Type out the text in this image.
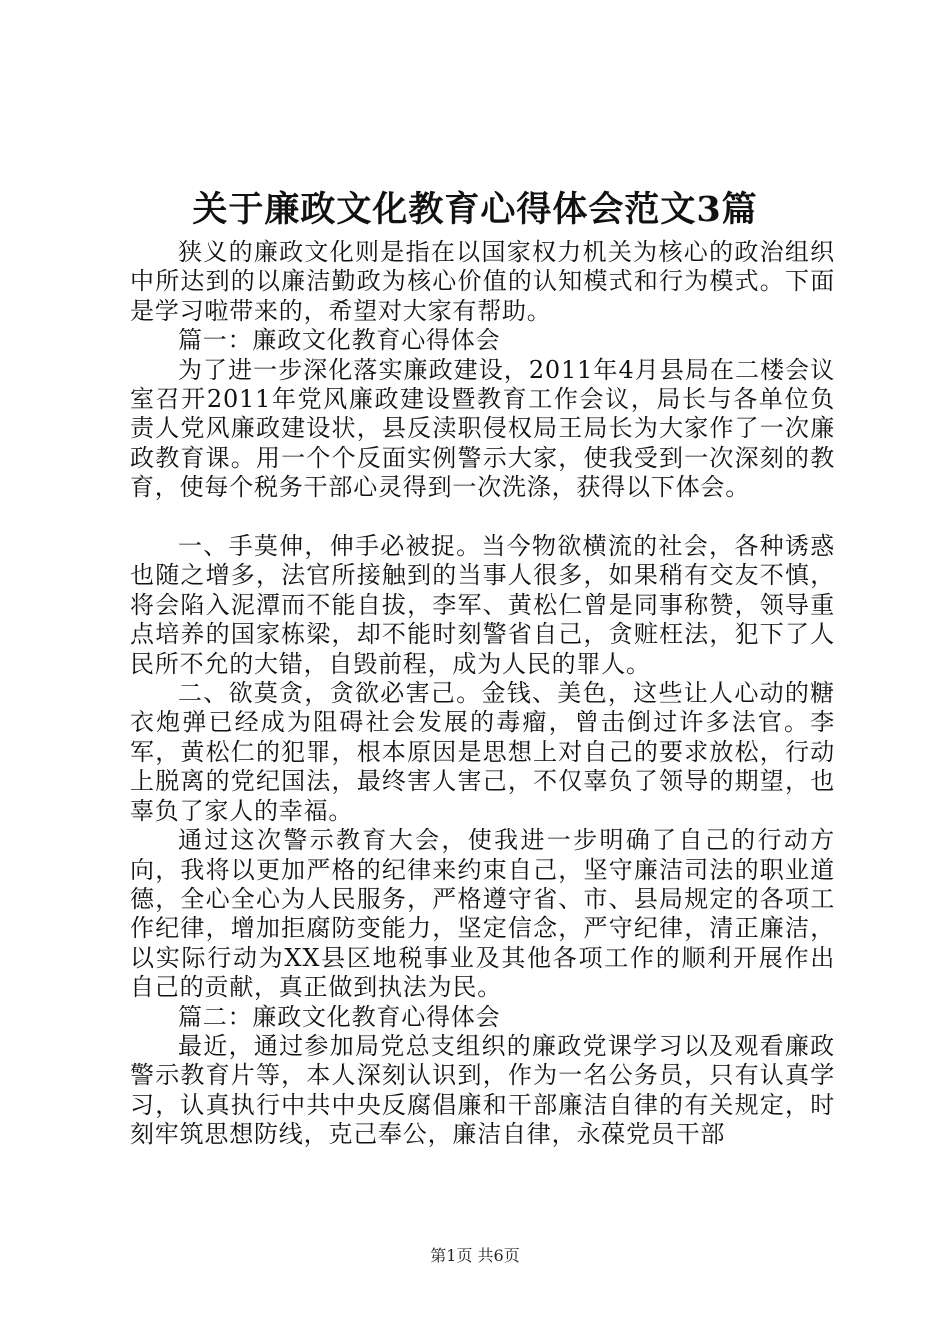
关于廉政文化教育心得体会范文3篇

狭义的廉政文化则是指在以国家权力机关为核心的政治组织中所达到的以廉洁勤政为核心价值的认知模式和行为模式。下面是学习啦带来的，希望对大家有帮助。

篇一：廉政文化教育心得体会

为了进一步深化落实廉政建设，2011年4月县局在二楼会议室召开2011年党风廉政建设暨教育工作会议，局长与各单位负责人党风廉政建设状，县反渎职侵权局王局长为大家作了一次廉政教育课。用一个个反面实例警示大家，使我受到一次深刻的教育，使每个税务干部心灵得到一次洗涤，获得以下体会。

一、手莫伸，伸手必被捉。当今物欲横流的社会，各种诱惑也随之增多，法官所接触到的当事人很多，如果稍有交友不慎，将会陷入泥潭而不能自拔，李军、黄松仁曾是同事称赞，领导重点培养的国家栋梁，却不能时刻警省自己，贪赃枉法，犯下了人民所不允的大错，自毁前程，成为人民的罪人。

二、欲莫贪，贪欲必害己。金钱、美色，这些让人心动的糖衣炮弹已经成为阻碍社会发展的毒瘤，曾击倒过许多法官。李军，黄松仁的犯罪，根本原因是思想上对自己的要求放松，行动上脱离的党纪国法，最终害人害己，不仅辜负了领导的期望，也辜负了家人的幸福。

通过这次警示教育大会，使我进一步明确了自己的行动方向，我将以更加严格的纪律来约束自己，坚守廉洁司法的职业道德，全心全心为人民服务，严格遵守省、市、县局规定的各项工作纪律，增加拒腐防变能力，坚定信念，严守纪律，清正廉洁，以实际行动为XX县区地税事业及其他各项工作的顺利开展作出自己的贡献，真正做到执法为民。

篇二：廉政文化教育心得体会

最近，通过参加局党总支组织的廉政党课学习以及观看廉政警示教育片等，本人深刻认识到，作为一名公务员，只有认真学习，认真执行中共中央反腐倡廉和干部廉洁自律的有关规定，时刻牢筑思想防线，克己奉公，廉洁自律，永葆党员干部

第1页 共6页
